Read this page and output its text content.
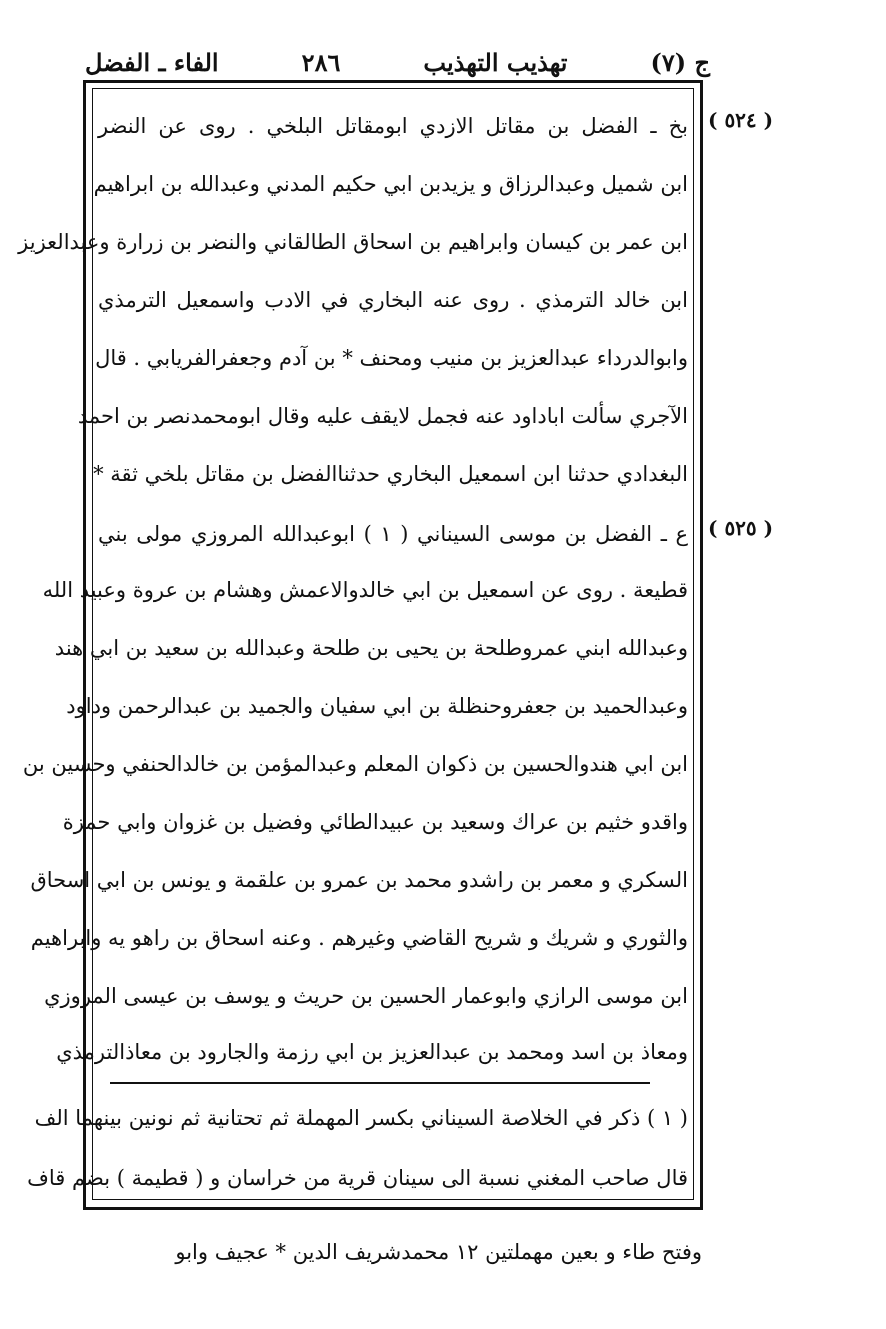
ج (٧)
تهذيب التهذيب
٢٨٦
الفاء ـ الفضل
( ٥٢٤ )
( ٥٢٥ )
بخ ـ الفضل بن مقاتل الازدي ابومقاتل البلخي . روى عن النضر
ابن شميل وعبدالرزاق و يزيدبن ابي حكيم المدني وعبدالله بن ابراهيم
ابن عمر بن كيسان وابراهيم بن اسحاق الطالقاني والنضر بن زرارة وعبدالعزيز
ابن خالد الترمذي . روى عنه البخاري في الادب واسمعيل الترمذي
وابوالدرداء عبدالعزيز بن منيب ومحنف * بن آدم وجعفرالفريابي . قال
الآجري سألت اباداود عنه فجمل لايقف عليه وقال ابومحمدنصر بن احمد
البغدادي حدثنا ابن اسمعيل البخاري حدثناالفضل بن مقاتل بلخي ثقة *
ع ـ الفضل بن موسى السيناني ( ١ ) ابوعبدالله المروزي مولى بني
قطيعة . روى عن اسمعيل بن ابي خالدوالاعمش وهشام بن عروة وعبيد الله
وعبدالله ابني عمروطلحة بن يحيى بن طلحة وعبدالله بن سعيد بن ابي هند
وعبدالحميد بن جعفروحنظلة بن ابي سفيان والجميد بن عبدالرحمن وداود
ابن ابي هندوالحسين بن ذكوان المعلم وعبدالمؤمن بن خالدالحنفي وحسين بن
واقدو خثيم بن عراك وسعيد بن عبيدالطائي وفضيل بن غزوان وابي حمزة
السكري و معمر بن راشدو محمد بن عمرو بن علقمة و يونس بن ابي اسحاق
والثوري و شريك و شريح القاضي وغيرهم . وعنه اسحاق بن راهو يه وابراهيم
ابن موسى الرازي وابوعمار الحسين بن حريث و يوسف بن عيسى المروزي
ومعاذ بن اسد ومحمد بن عبدالعزيز بن ابي رزمة والجارود بن معاذالترمذي
( ١ ) ذكر في الخلاصة السيناني بكسر المهملة ثم تحتانية ثم نونين بينهما الف
قال صاحب المغني نسبة الى سينان قرية من خراسان و ( قطيمة ) بضم قاف
وفتح طاء و بعين مهملتين ١٢ محمدشريف الدين * عجيف وابو
